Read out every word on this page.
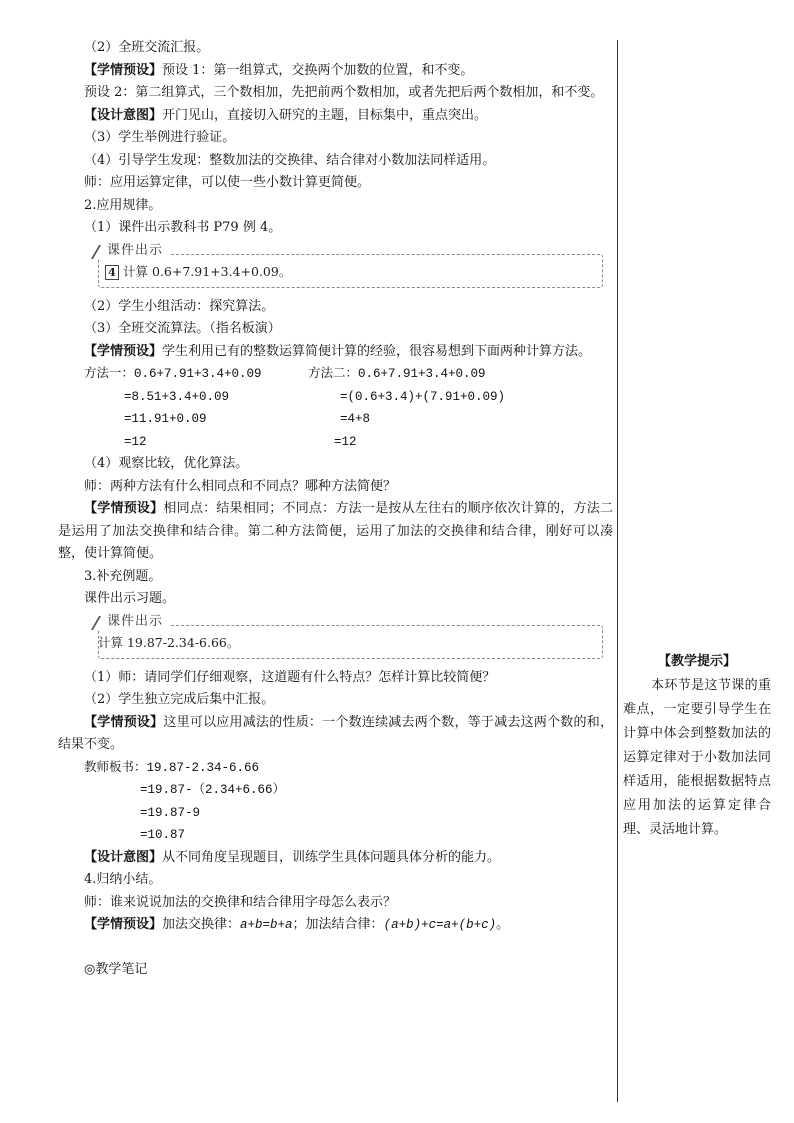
（2）全班交流汇报。
【学情预设】预设 1：第一组算式，交换两个加数的位置，和不变。
预设 2：第二组算式，三个数相加，先把前两个数相加，或者先把后两个数相加，和不变。
【设计意图】开门见山，直接切入研究的主题，目标集中，重点突出。
（3）学生举例进行验证。
（4）引导学生发现：整数加法的交换律、结合律对小数加法同样适用。
师：应用运算定律，可以使一些小数计算更简便。
2.应用规律。
（1）课件出示教科书 P79 例 4。
课件出示
4 计算 0.6+7.91+3.4+0.09。
（2）学生小组活动：探究算法。
（3）全班交流算法。（指名板演）
【学情预设】学生利用已有的整数运算简便计算的经验，很容易想到下面两种计算方法。
方法一：0.6+7.91+3.4+0.09	方法二：0.6+7.91+3.4+0.09
=8.51+3.4+0.09	=(0.6+3.4)+(7.91+0.09)
=11.91+0.09	=4+8
=12	=12
（4）观察比较，优化算法。
师：两种方法有什么相同点和不同点？哪种方法简便？
【学情预设】相同点：结果相同；不同点：方法一是按从左往右的顺序依次计算的，方法二是运用了加法交换律和结合律。第二种方法简便，运用了加法的交换律和结合律，刚好可以凑整，使计算简便。
3.补充例题。
课件出示习题。
课件出示
计算 19.87-2.34-6.66。
（1）师：请同学们仔细观察，这道题有什么特点？怎样计算比较简便？
（2）学生独立完成后集中汇报。
【学情预设】这里可以应用减法的性质：一个数连续减去两个数，等于减去这两个数的和，结果不变。
教师板书：19.87-2.34-6.66
=19.87-（2.34+6.66）
=19.87-9
=10.87
【设计意图】从不同角度呈现题目，训练学生具体问题具体分析的能力。
4.归纳小结。
师：谁来说说加法的交换律和结合律用字母怎么表示？
【学情预设】加法交换律：a+b=b+a；加法结合律：(a+b)+c=a+(b+c)。
◎教学笔记
【教学提示】
本环节是这节课的重难点，一定要引导学生在计算中体会到整数加法的运算定律对于小数加法同样适用，能根据数据特点应用加法的运算定律合理、灵活地计算。
